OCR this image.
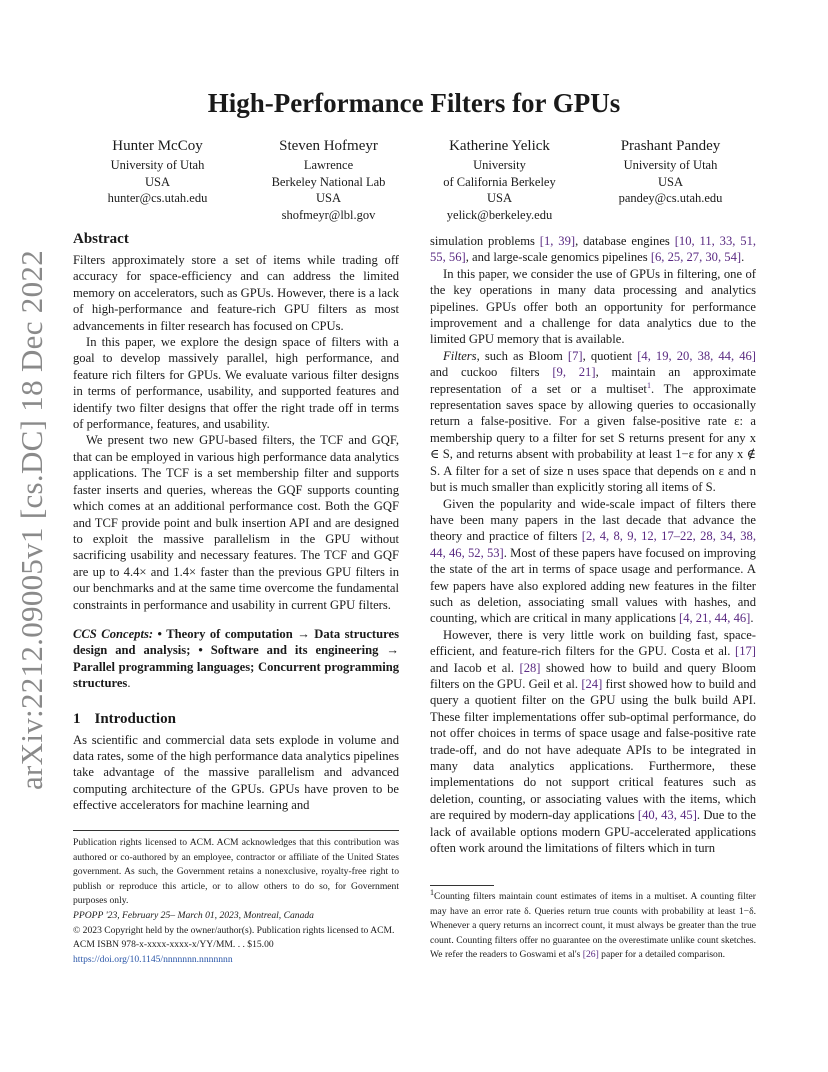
arXiv:2212.09005v1 [cs.DC] 18 Dec 2022
High-Performance Filters for GPUs
Hunter McCoy
University of Utah
USA
hunter@cs.utah.edu
Steven Hofmeyr
Lawrence
Berkeley National Lab
USA
shofmeyr@lbl.gov
Katherine Yelick
University
of California Berkeley
USA
yelick@berkeley.edu
Prashant Pandey
University of Utah
USA
pandey@cs.utah.edu
Abstract

Filters approximately store a set of items while trading off accuracy for space-efficiency and can address the limited memory on accelerators, such as GPUs. However, there is a lack of high-performance and feature-rich GPU filters as most advancements in filter research has focused on CPUs.

In this paper, we explore the design space of filters with a goal to develop massively parallel, high performance, and feature rich filters for GPUs. We evaluate various filter designs in terms of performance, usability, and supported features and identify two filter designs that offer the right trade off in terms of performance, features, and usability.

We present two new GPU-based filters, the TCF and GQF, that can be employed in various high performance data analytics applications. The TCF is a set membership filter and supports faster inserts and queries, whereas the GQF supports counting which comes at an additional performance cost. Both the GQF and TCF provide point and bulk insertion API and are designed to exploit the massive parallelism in the GPU without sacrificing usability and necessary features. The TCF and GQF are up to 4.4× and 1.4× faster than the previous GPU filters in our benchmarks and at the same time overcome the fundamental constraints in performance and usability in current GPU filters.

CCS Concepts: • Theory of computation → Data structures design and analysis; • Software and its engineering → Parallel programming languages; Concurrent programming structures.

1 Introduction

As scientific and commercial data sets explode in volume and data rates, some of the high performance data analytics pipelines take advantage of the massive parallelism and advanced computing architecture of the GPUs. GPUs have proven to be effective accelerators for machine learning and

Publication rights licensed to ACM. ACM acknowledges that this contribution was authored or co-authored by an employee, contractor or affiliate of the United States government. As such, the Government retains a nonexclusive, royalty-free right to publish or reproduce this article, or to allow others to do so, for Government purposes only.

PPOPP '23, February 25– March 01, 2023, Montreal, Canada

© 2023 Copyright held by the owner/author(s). Publication rights licensed to ACM.

ACM ISBN 978-x-xxxx-xxxx-x/YY/MM. . . $15.00

https://doi.org/10.1145/nnnnnnn.nnnnnnn

simulation problems [1, 39], database engines [10, 11, 33, 51, 55, 56], and large-scale genomics pipelines [6, 25, 27, 30, 54].

In this paper, we consider the use of GPUs in filtering, one of the key operations in many data processing and analytics pipelines. GPUs offer both an opportunity for performance improvement and a challenge for data analytics due to the limited GPU memory that is available.

Filters, such as Bloom [7], quotient [4, 19, 20, 38, 44, 46] and cuckoo filters [9, 21], maintain an approximate representation of a set or a multiset$^1$. The approximate representation saves space by allowing queries to occasionally return a false-positive. For a given false-positive rate ε: a membership query to a filter for set S returns present for any x ∈ S, and returns absent with probability at least 1−ε for any x ∉ S. A filter for a set of size n uses space that depends on ε and n but is much smaller than explicitly storing all items of S.

Given the popularity and wide-scale impact of filters there have been many papers in the last decade that advance the theory and practice of filters [2, 4, 8, 9, 12, 17–22, 28, 34, 38, 44, 46, 52, 53]. Most of these papers have focused on improving the state of the art in terms of space usage and performance. A few papers have also explored adding new features in the filter such as deletion, associating small values with hashes, and counting, which are critical in many applications [4, 21, 44, 46].

However, there is very little work on building fast, space-efficient, and feature-rich filters for the GPU. Costa et al. [17] and Iacob et al. [28] showed how to build and query Bloom filters on the GPU. Geil et al. [24] first showed how to build and query a quotient filter on the GPU using the bulk build API. These filter implementations offer sub-optimal performance, do not offer choices in terms of space usage and false-positive rate trade-off, and do not have adequate APIs to be integrated in many data analytics applications. Furthermore, these implementations do not support critical features such as deletion, counting, or associating values with the items, which are required by modern-day applications [40, 43, 45]. Due to the lack of available options modern GPU-accelerated applications often work around the limitations of filters which in turn

$^1$Counting filters maintain count estimates of items in a multiset. A counting filter may have an error rate δ. Queries return true counts with probability at least 1−δ. Whenever a query returns an incorrect count, it must always be greater than the true count. Counting filters offer no guarantee on the overestimate unlike count sketches. We refer the readers to Goswami et al's [26] paper for a detailed comparison.
